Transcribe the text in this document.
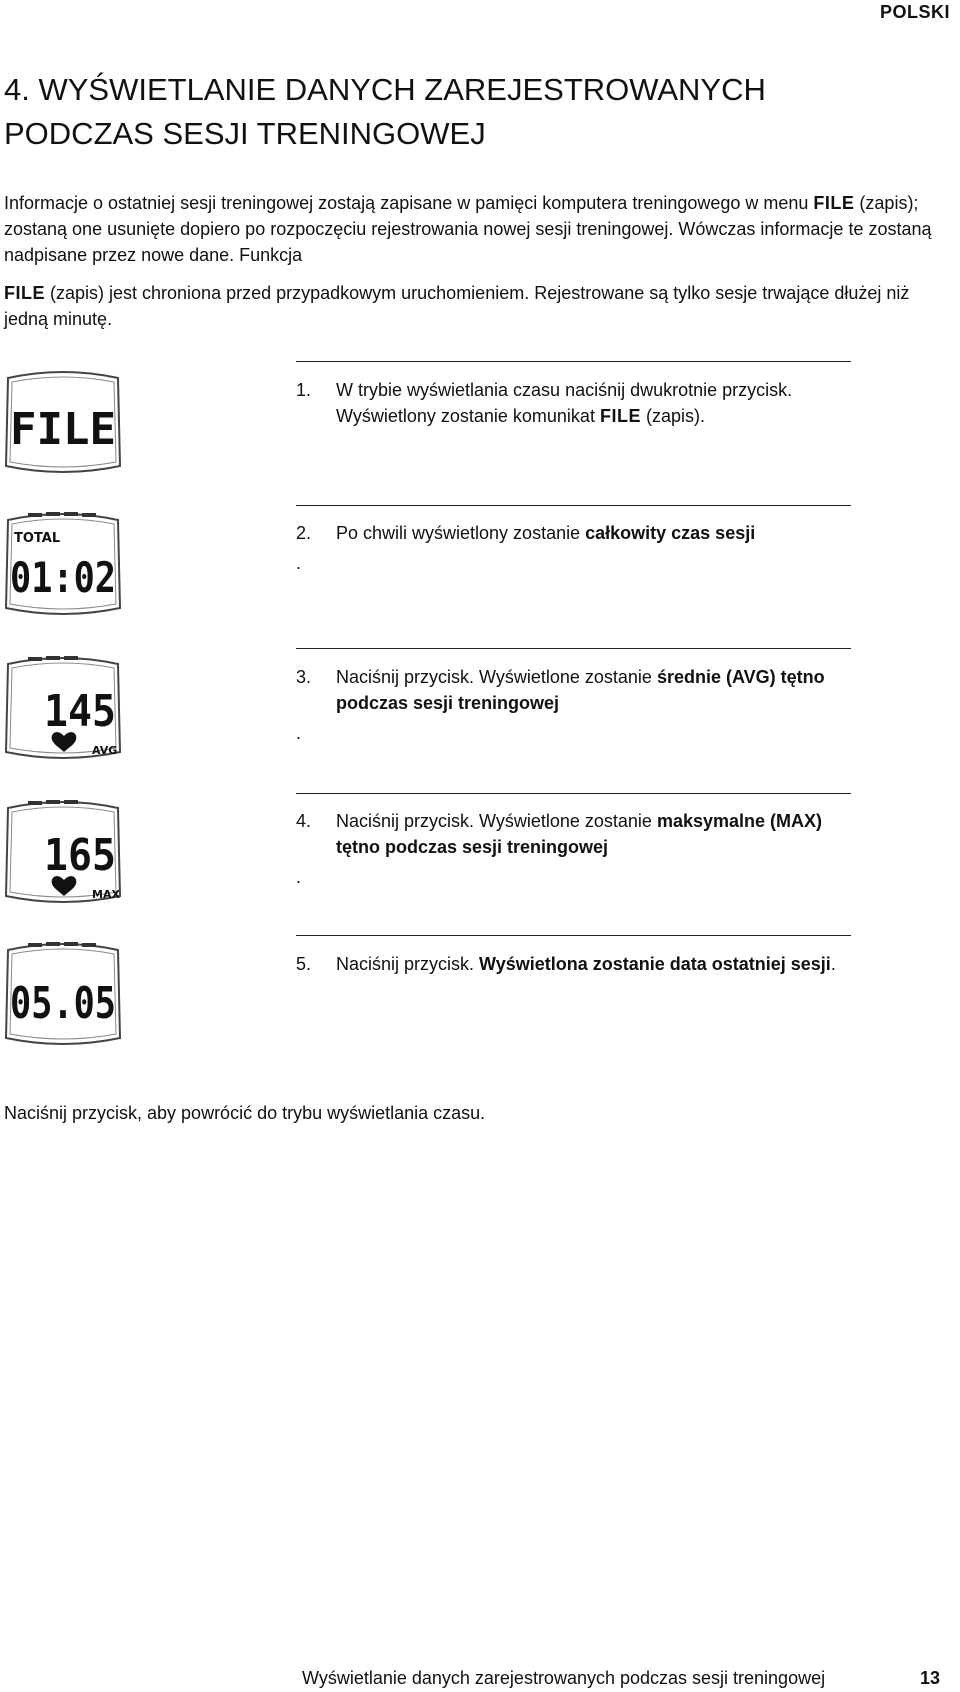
POLSKI
4. WYŚWIETLANIE DANYCH ZAREJESTROWANYCH
PODCZAS SESJI TRENINGOWEJ

Informacje o ostatniej sesji treningowej zostają zapisane w pamięci komputera treningowego w menu FILE (zapis); zostaną one usunięte dopiero po rozpoczęciu rejestrowania nowej sesji treningowej. Wówczas informacje te zostaną nadpisane przez nowe dane. Funkcja
FILE (zapis) jest chroniona przed przypadkowym uruchomieniem. Rejestrowane są tylko sesje trwające dłużej niż jedną minutę.

1. W trybie wyświetlania czasu naciśnij dwukrotnie przycisk.
Wyświetlony zostanie komunikat FILE (zapis).
2. Po chwili wyświetlony zostanie całkowity czas sesji
.
3. Naciśnij przycisk. Wyświetlone zostanie średnie (AVG) tętno podczas sesji treningowej
.
4. Naciśnij przycisk. Wyświetlone zostanie maksymalne (MAX) tętno podczas sesji treningowej
.
5. Naciśnij przycisk. Wyświetlona zostanie data ostatniej sesji.
FILE
TOTAL
01:02
145
AVG
165
MAX
05.05
Naciśnij przycisk, aby powrócić do trybu wyświetlania czasu.
Wyświetlanie danych zarejestrowanych podczas sesji treningowej	13
